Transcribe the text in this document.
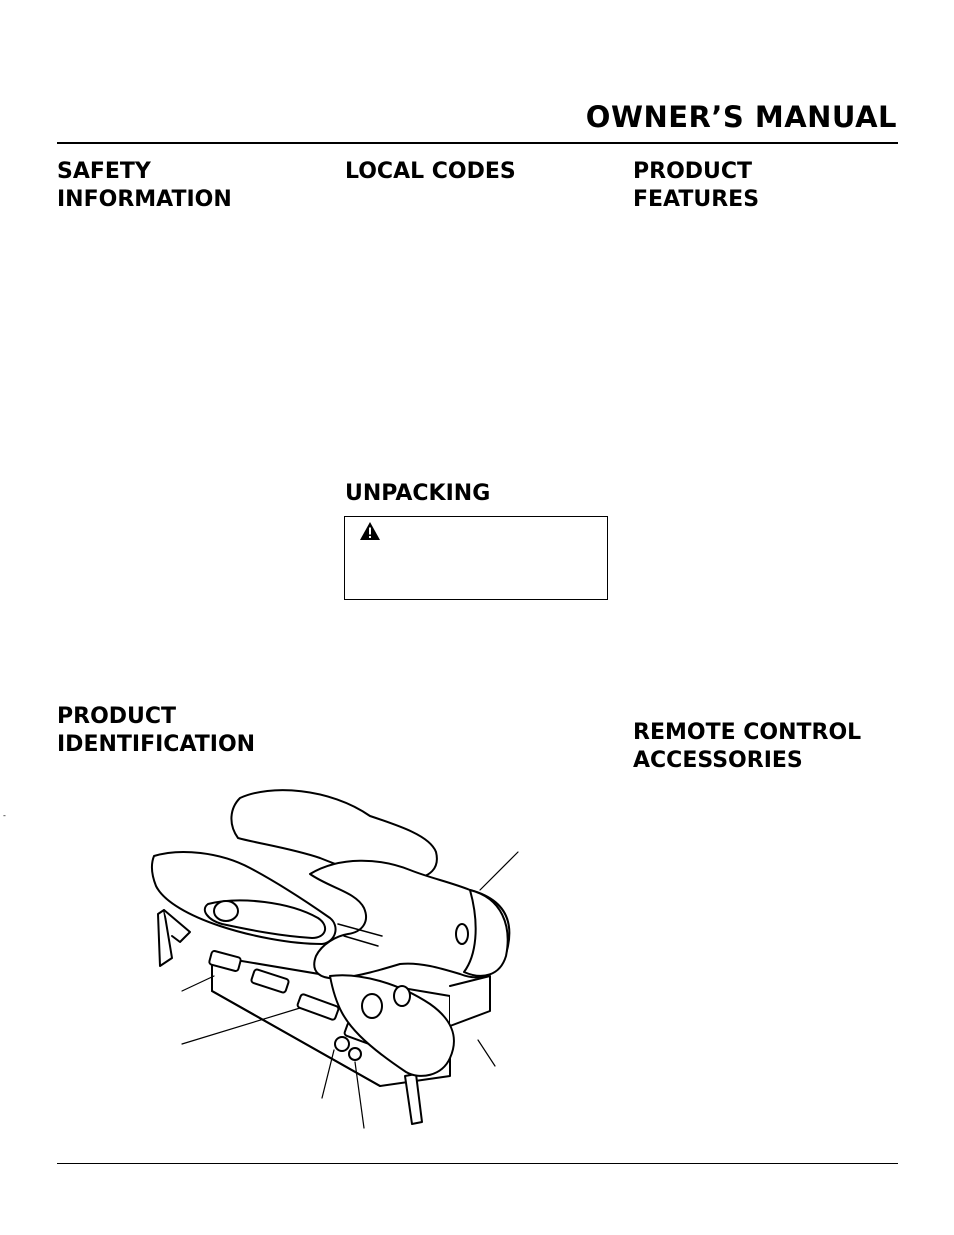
OWNER’S MANUAL
SAFETY
INFORMATION
LOCAL CODES	PRODUCT
FEATURES
UNPACKING
PRODUCT
IDENTIFICATION	REMOTE CONTROL
ACCESSORIES
-
